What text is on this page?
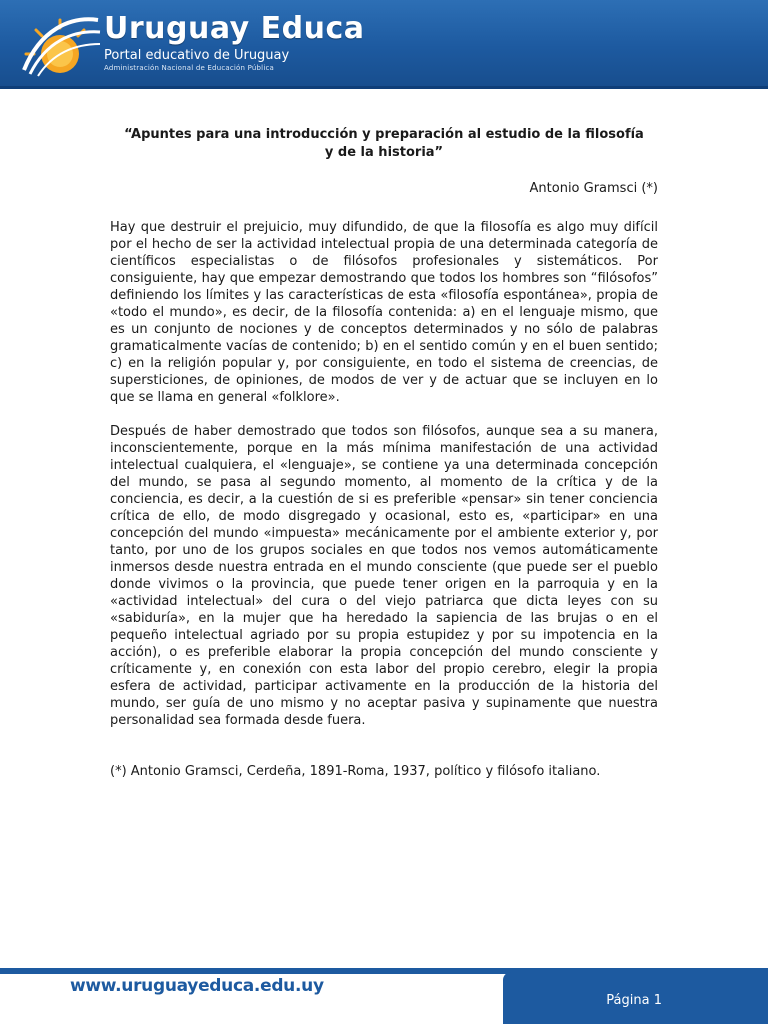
Uruguay Educa
Portal educativo de Uruguay
Administración Nacional de Educación Pública
“Apuntes para una introducción y preparación al estudio de la filosofía y de la historia”
Antonio Gramsci (*)

Hay que destruir el prejuicio, muy difundido, de que la filosofía es algo muy difícil por el hecho de ser la actividad intelectual propia de una determinada categoría de científicos especialistas o de filósofos profesionales y sistemáticos. Por consiguiente, hay que empezar demostrando que todos los hombres son “filósofos” definiendo los límites y las características de esta «filosofía espontánea», propia de «todo el mundo», es decir, de la filosofía contenida: a) en el lenguaje mismo, que es un conjunto de nociones y de conceptos determinados y no sólo de palabras gramaticalmente vacías de contenido; b) en el sentido común y en el buen sentido; c) en la religión popular y, por consiguiente, en todo el sistema de creencias, de supersticiones, de opiniones, de modos de ver y de actuar que se incluyen en lo que se llama en general «folklore».

Después de haber demostrado que todos son filósofos, aunque sea a su manera, inconscientemente, porque en la más mínima manifestación de una actividad intelectual cualquiera, el «lenguaje», se contiene ya una determinada concepción del mundo, se pasa al segundo momento, al momento de la crítica y de la conciencia, es decir, a la cuestión de si es preferible «pensar» sin tener conciencia crítica de ello, de modo disgregado y ocasional, esto es, «participar» en una concepción del mundo «impuesta» mecánicamente por el ambiente exterior y, por tanto, por uno de los grupos sociales en que todos nos vemos automáticamente inmersos desde nuestra entrada en el mundo consciente (que puede ser el pueblo donde vivimos o la provincia, que puede tener origen en la parroquia y en la «actividad intelectual» del cura o del viejo patriarca que dicta leyes con su «sabiduría», en la mujer que ha heredado la sapiencia de las brujas o en el pequeño intelectual agriado por su propia estupidez y por su impotencia en la acción), o es preferible elaborar la propia concepción del mundo consciente y críticamente y, en conexión con esta labor del propio cerebro, elegir la propia esfera de actividad, participar activamente en la producción de la historia del mundo, ser guía de uno mismo y no aceptar pasiva y supinamente que nuestra personalidad sea formada desde fuera.

(*) Antonio Gramsci, Cerdeña, 1891-Roma, 1937, político y filósofo italiano.
www.uruguayeduca.edu.uy
Página 1
